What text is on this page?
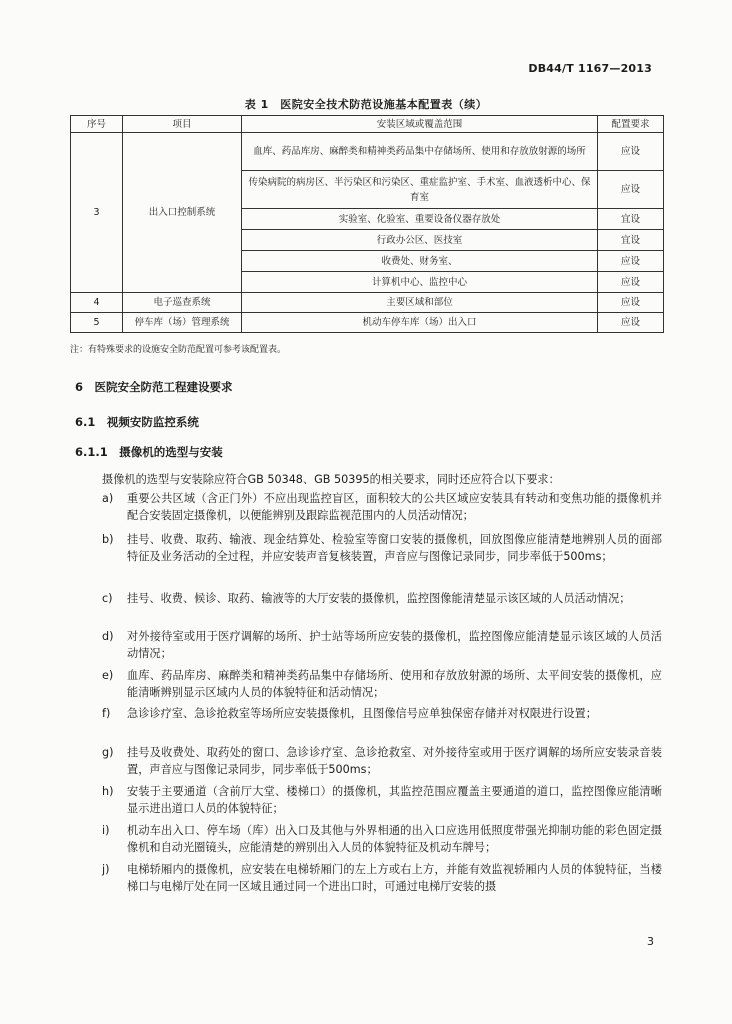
DB44/T 1167—2013
表 1　医院安全技术防范设施基本配置表（续）
序号	项目	安装区域或覆盖范围	配置要求
3	出入口控制系统	血库、药品库房、麻醉类和精神类药品集中存储场所、使用和存放放射源的场所	应设
		传染病院的病房区、半污染区和污染区、重症监护室、手术室、血液透析中心、保育室	应设
		实验室、化验室、重要设备仪器存放处	宜设
		行政办公区、医技室	宜设
		收费处、财务室、	应设
		计算机中心、监控中心	应设
4	电子巡查系统	主要区域和部位	应设
5	停车库（场）管理系统	机动车停车库（场）出入口	应设
注：有特殊要求的设施安全防范配置可参考该配置表。
6　医院安全防范工程建设要求
6.1　视频安防监控系统
6.1.1　摄像机的选型与安装
摄像机的选型与安装除应符合GB 50348、GB 50395的相关要求，同时还应符合以下要求：
a)	重要公共区域（含正门外）不应出现监控盲区，面积较大的公共区域应安装具有转动和变焦功能的摄像机并配合安装固定摄像机，以便能辨别及跟踪监视范围内的人员活动情况；
b)	挂号、收费、取药、输液、现金结算处、检验室等窗口安装的摄像机，回放图像应能清楚地辨别人员的面部特征及业务活动的全过程，并应安装声音复核装置，声音应与图像记录同步，同步率低于500ms；
c)	挂号、收费、候诊、取药、输液等的大厅安装的摄像机，监控图像能清楚显示该区域的人员活动情况；
d)	对外接待室或用于医疗调解的场所、护士站等场所应安装的摄像机，监控图像应能清楚显示该区域的人员活动情况；
e)	血库、药品库房、麻醉类和精神类药品集中存储场所、使用和存放放射源的场所、太平间安装的摄像机，应能清晰辨别显示区域内人员的体貌特征和活动情况；
f)	急诊诊疗室、急诊抢救室等场所应安装摄像机，且图像信号应单独保密存储并对权限进行设置；
g)	挂号及收费处、取药处的窗口、急诊诊疗室、急诊抢救室、对外接待室或用于医疗调解的场所应安装录音装置，声音应与图像记录同步，同步率低于500ms；
h)	安装于主要通道（含前厅大堂、楼梯口）的摄像机，其监控范围应覆盖主要通道的道口，监控图像应能清晰显示进出道口人员的体貌特征；
i)	机动车出入口、停车场（库）出入口及其他与外界相通的出入口应选用低照度带强光抑制功能的彩色固定摄像机和自动光圈镜头，应能清楚的辨别出入人员的体貌特征及机动车牌号；
j)	电梯轿厢内的摄像机，应安装在电梯轿厢门的左上方或右上方，并能有效监视轿厢内人员的体貌特征，当楼梯口与电梯厅处在同一区域且通过同一个进出口时，可通过电梯厅安装的摄
3
